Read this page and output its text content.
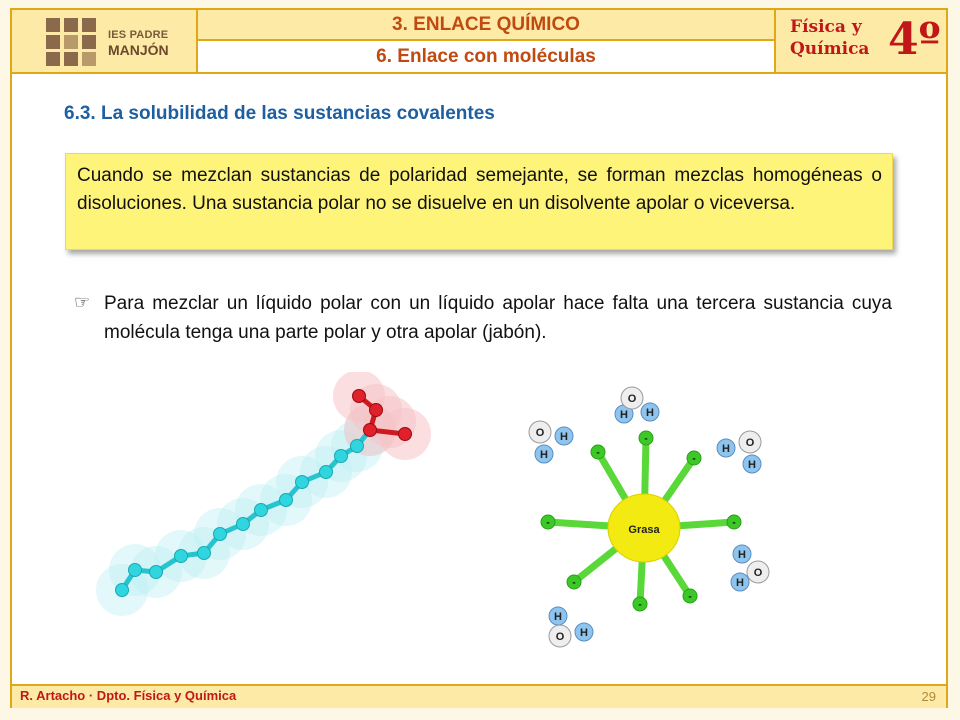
IES PADRE
MANJÓN
3. ENLACE QUÍMICO
6. Enlace con moléculas
Física y
Química 4º
6.3. La solubilidad de las sustancias covalentes
Cuando se mezclan sustancias de polaridad semejante, se forman mezclas homogéneas o disoluciones. Una sustancia polar no se disuelve en un disolvente apolar o viceversa.
☞ Para mezclar un líquido polar con un líquido apolar hace falta una tercera sustancia cuya molécula tenga una parte polar y otra apolar (jabón).
-
-
-
-	-
-
-
-
Grasa
H H
O
H
H
O
H
H
O
H
H
O
H
H
O
R. Artacho · Dpto. Física y Química	29
